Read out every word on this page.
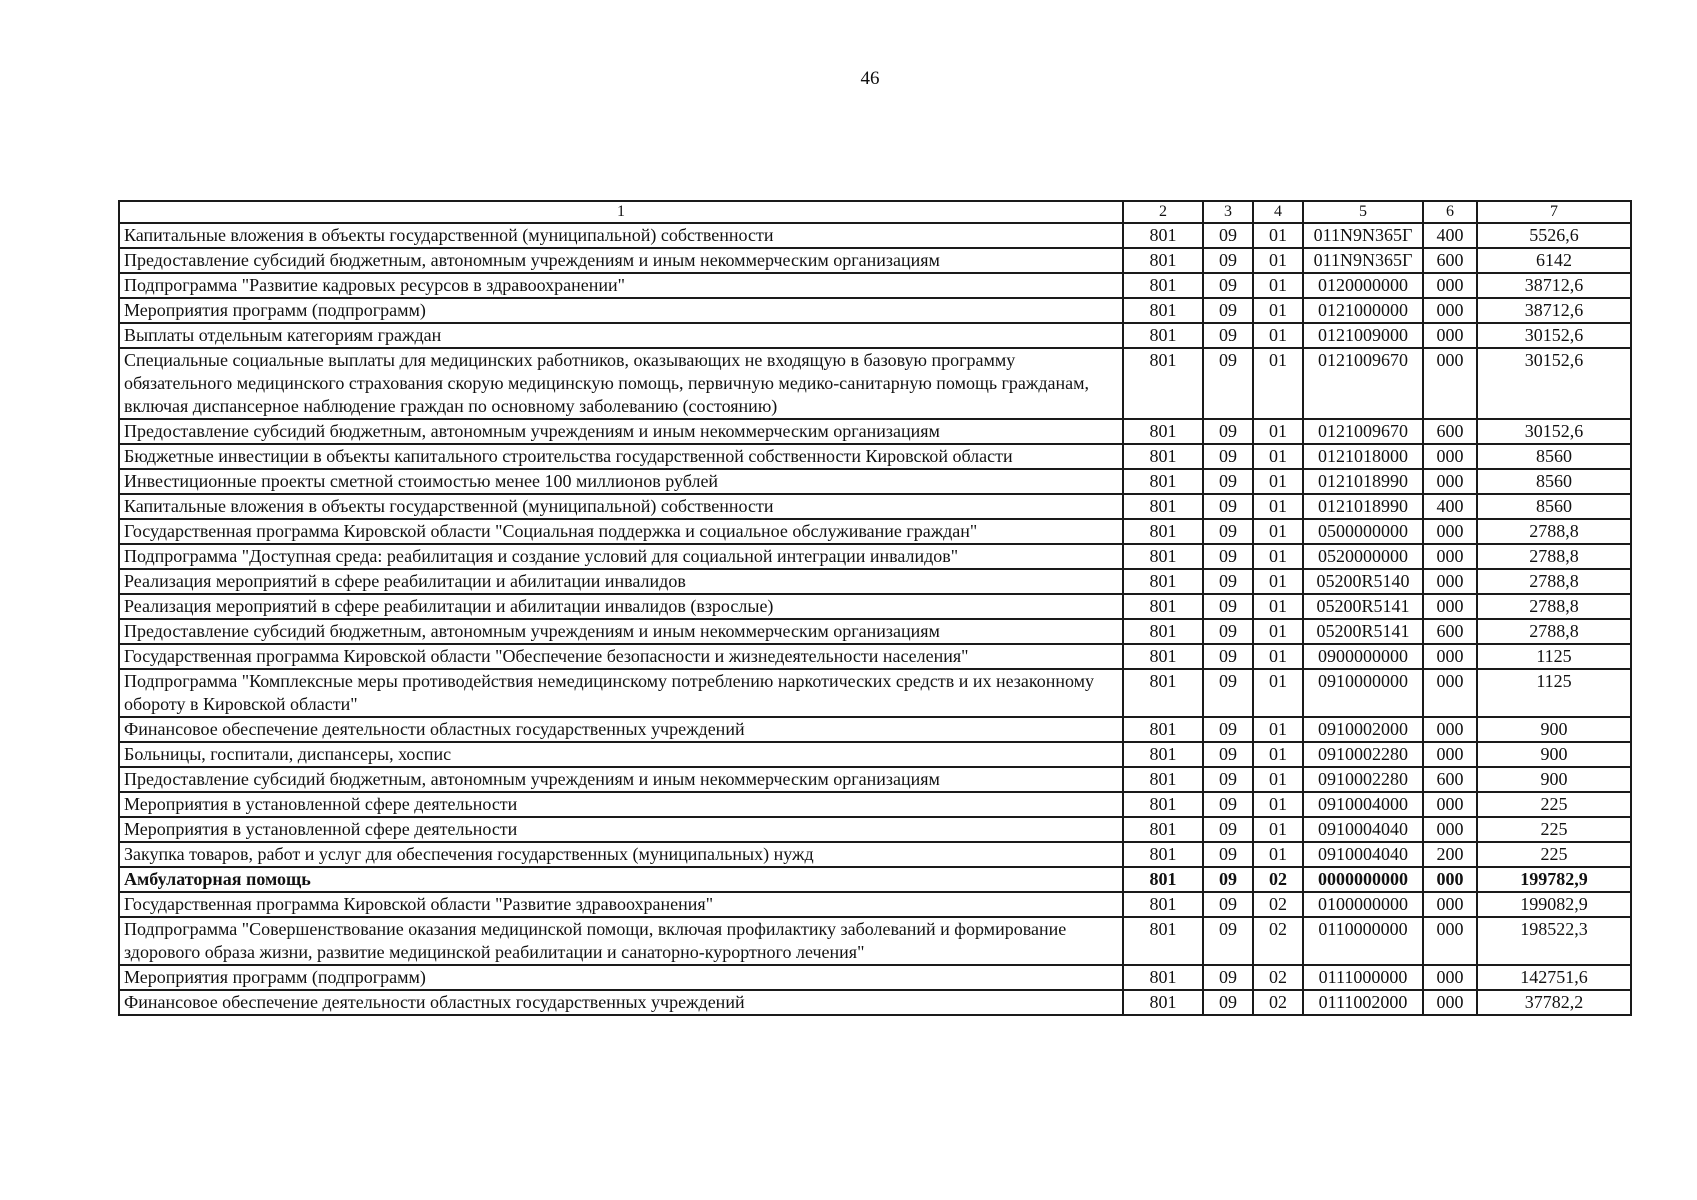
46
1	2	3	4	5	6	7
Капитальные вложения в объекты государственной (муниципальной) собственности	801	09	01	011N9N365Г	400	5526,6
Предоставление субсидий бюджетным, автономным учреждениям и иным некоммерческим организациям	801	09	01	011N9N365Г	600	6142
Подпрограмма "Развитие кадровых ресурсов в здравоохранении"	801	09	01	0120000000	000	38712,6
Мероприятия программ (подпрограмм)	801	09	01	0121000000	000	38712,6
Выплаты отдельным категориям граждан	801	09	01	0121009000	000	30152,6
Специальные социальные выплаты для медицинских работников, оказывающих не входящую в базовую программу обязательного медицинского страхования скорую медицинскую помощь, первичную медико-санитарную помощь гражданам, включая диспансерное наблюдение граждан по основному заболеванию (состоянию)	801	09	01	0121009670	000	30152,6
Предоставление субсидий бюджетным, автономным учреждениям и иным некоммерческим организациям	801	09	01	0121009670	600	30152,6
Бюджетные инвестиции в объекты капитального строительства государственной собственности Кировской области	801	09	01	0121018000	000	8560
Инвестиционные проекты сметной стоимостью менее 100 миллионов рублей	801	09	01	0121018990	000	8560
Капитальные вложения в объекты государственной (муниципальной) собственности	801	09	01	0121018990	400	8560
Государственная программа Кировской области "Социальная поддержка и социальное обслуживание граждан"	801	09	01	0500000000	000	2788,8
Подпрограмма "Доступная среда: реабилитация и создание условий для социальной интеграции инвалидов"	801	09	01	0520000000	000	2788,8
Реализация мероприятий в сфере реабилитации и абилитации инвалидов	801	09	01	05200R5140	000	2788,8
Реализация мероприятий в сфере реабилитации и абилитации инвалидов (взрослые)	801	09	01	05200R5141	000	2788,8
Предоставление субсидий бюджетным, автономным учреждениям и иным некоммерческим организациям	801	09	01	05200R5141	600	2788,8
Государственная программа Кировской области "Обеспечение безопасности и жизнедеятельности населения"	801	09	01	0900000000	000	1125
Подпрограмма "Комплексные меры противодействия немедицинскому потреблению наркотических средств и их незаконному обороту в Кировской области"	801	09	01	0910000000	000	1125
Финансовое обеспечение деятельности областных государственных учреждений	801	09	01	0910002000	000	900
Больницы, госпитали, диспансеры, хоспис	801	09	01	0910002280	000	900
Предоставление субсидий бюджетным, автономным учреждениям и иным некоммерческим организациям	801	09	01	0910002280	600	900
Мероприятия в установленной сфере деятельности	801	09	01	0910004000	000	225
Мероприятия в установленной сфере деятельности	801	09	01	0910004040	000	225
Закупка товаров, работ и услуг для обеспечения государственных (муниципальных) нужд	801	09	01	0910004040	200	225
Амбулаторная помощь	801	09	02	0000000000	000	199782,9
Государственная программа Кировской области "Развитие здравоохранения"	801	09	02	0100000000	000	199082,9
Подпрограмма "Совершенствование оказания медицинской помощи, включая профилактику заболеваний и формирование здорового образа жизни, развитие медицинской реабилитации и санаторно-курортного лечения"	801	09	02	0110000000	000	198522,3
Мероприятия программ (подпрограмм)	801	09	02	0111000000	000	142751,6
Финансовое обеспечение деятельности областных государственных учреждений	801	09	02	0111002000	000	37782,2
